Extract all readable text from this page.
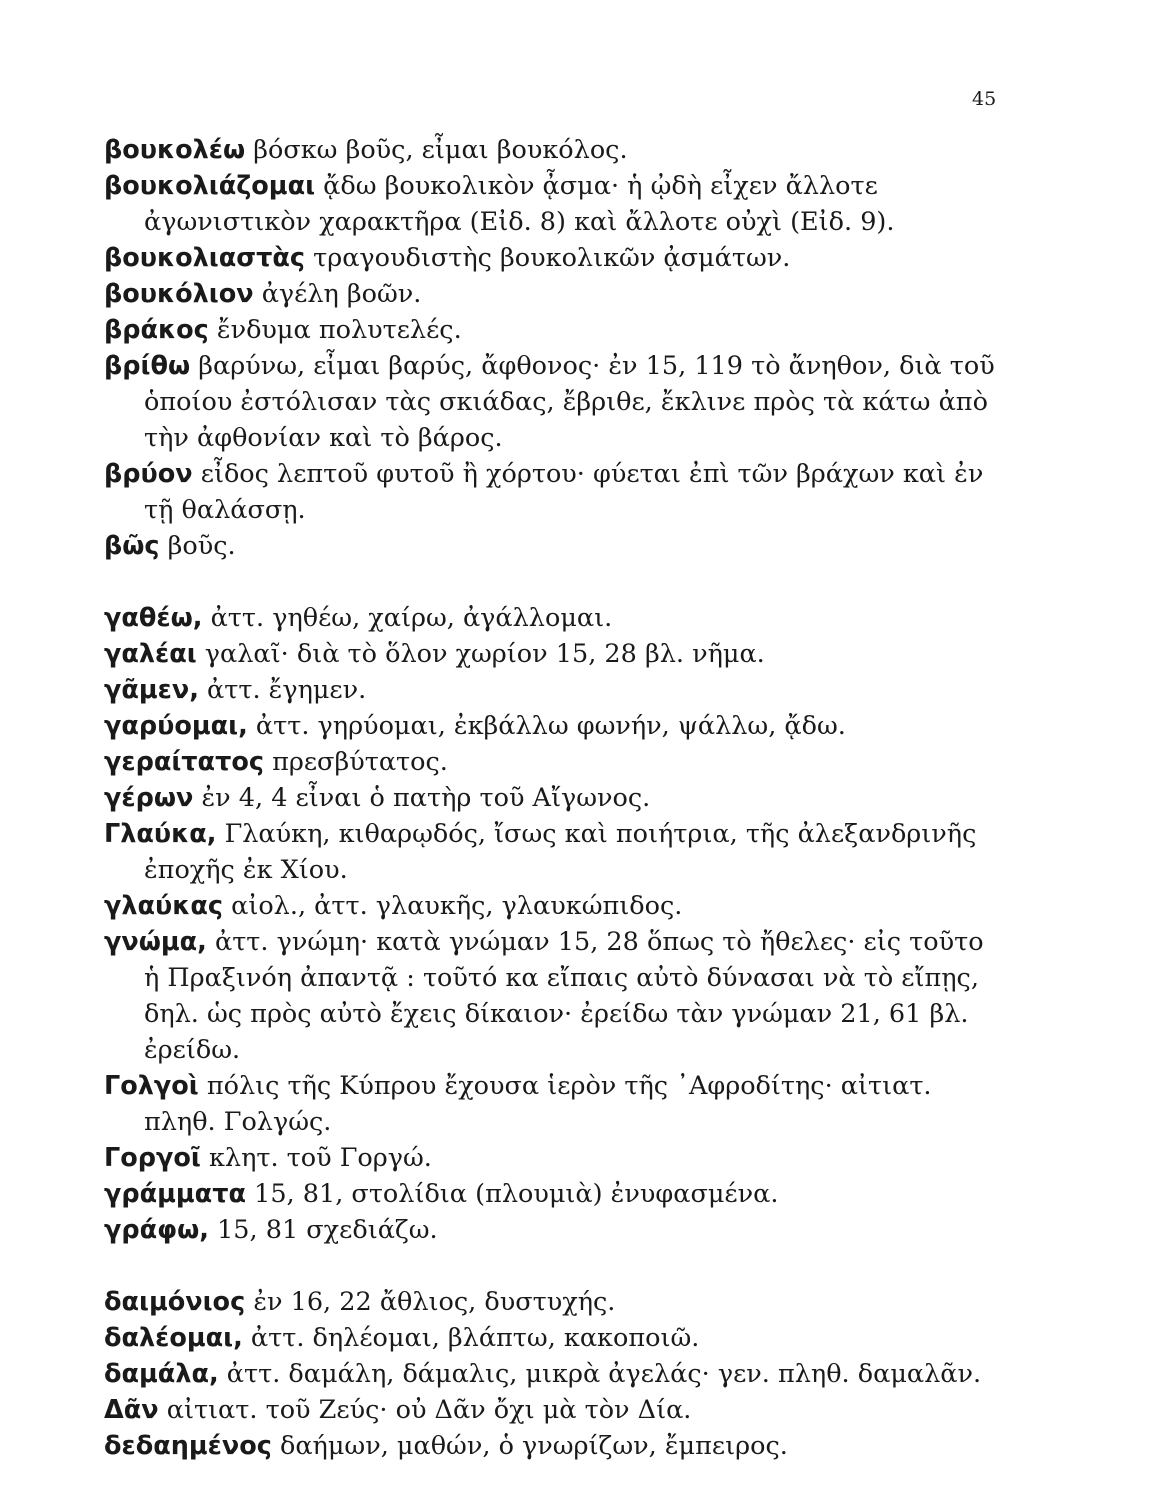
45
βουκολέω βόσκω βοῦς, εἶμαι βουκόλος.
βουκολιάζομαι ᾄδω βουκολικὸν ᾆσμα· ἡ ᾠδὴ εἶχεν ἄλλοτε ἀγωνιστικὸν χαρακτῆρα (Εἰδ. 8) καὶ ἄλλοτε οὐχὶ (Εἰδ. 9).
βουκολιαστὰς τραγουδιστὴς βουκολικῶν ᾀσμάτων.
βουκόλιον ἀγέλη βοῶν.
βράκος ἔνδυμα πολυτελές.
βρίθω βαρύνω, εἶμαι βαρύς, ἄφθονος· ἐν 15, 119 τὸ ἄνηθον, διὰ τοῦ ὁποίου ἐστόλισαν τὰς σκιάδας, ἔβριθε, ἔκλινε πρὸς τὰ κάτω ἀπὸ τὴν ἀφθονίαν καὶ τὸ βάρος.
βρύον εἶδος λεπτοῦ φυτοῦ ἢ χόρτου· φύεται ἐπὶ τῶν βράχων καὶ ἐν τῇ θαλάσσῃ.
βῶς βοῦς.
γαθέω, ἀττ. γηθέω, χαίρω, ἀγάλλομαι.
γαλέαι γαλαῖ· διὰ τὸ ὅλον χωρίον 15, 28 βλ. νῆμα.
γᾶμεν, ἀττ. ἔγημεν.
γαρύομαι, ἀττ. γηρύομαι, ἐκβάλλω φωνήν, ψάλλω, ᾄδω.
γεραίτατος πρεσβύτατος.
γέρων ἐν 4, 4 εἶναι ὁ πατὴρ τοῦ Αἴγωνος.
Γλαύκα, Γλαύκη, κιθαρῳδός, ἴσως καὶ ποιήτρια, τῆς ἀλεξανδρινῆς ἐποχῆς ἐκ Χίου.
γλαύκας αἰολ., ἀττ. γλαυκῆς, γλαυκώπιδος.
γνώμα, ἀττ. γνώμη· κατὰ γνώμαν 15, 28 ὅπως τὸ ἤθελες· εἰς τοῦτο ἡ Πραξινόη ἀπαντᾷ : τοῦτό κα εἴπαις αὐτὸ δύνασαι νὰ τὸ εἴπῃς, δηλ. ὡς πρὸς αὐτὸ ἔχεις δίκαιον· ἐρείδω τὰν γνώμαν 21, 61 βλ. ἐρείδω.
Γολγοὶ πόλις τῆς Κύπρου ἔχουσα ἱερὸν τῆς ᾿Αφροδίτης· αἰτιατ. πληθ. Γολγώς.
Γοργοῖ κλητ. τοῦ Γοργώ.
γράμματα 15, 81, στολίδια (πλουμιὰ) ἐνυφασμένα.
γράφω, 15, 81 σχεδιάζω.
δαιμόνιος ἐν 16, 22 ἄθλιος, δυστυχής.
δαλέομαι, ἀττ. δηλέομαι, βλάπτω, κακοποιῶ.
δαμάλα, ἀττ. δαμάλη, δάμαλις, μικρὰ ἀγελάς· γεν. πληθ. δαμαλᾶν.
Δᾶν αἰτιατ. τοῦ Ζεύς· οὐ Δᾶν ὄχι μὰ τὸν Δία.
δεδαημένος δαήμων, μαθών, ὁ γνωρίζων, ἔμπειρος.
